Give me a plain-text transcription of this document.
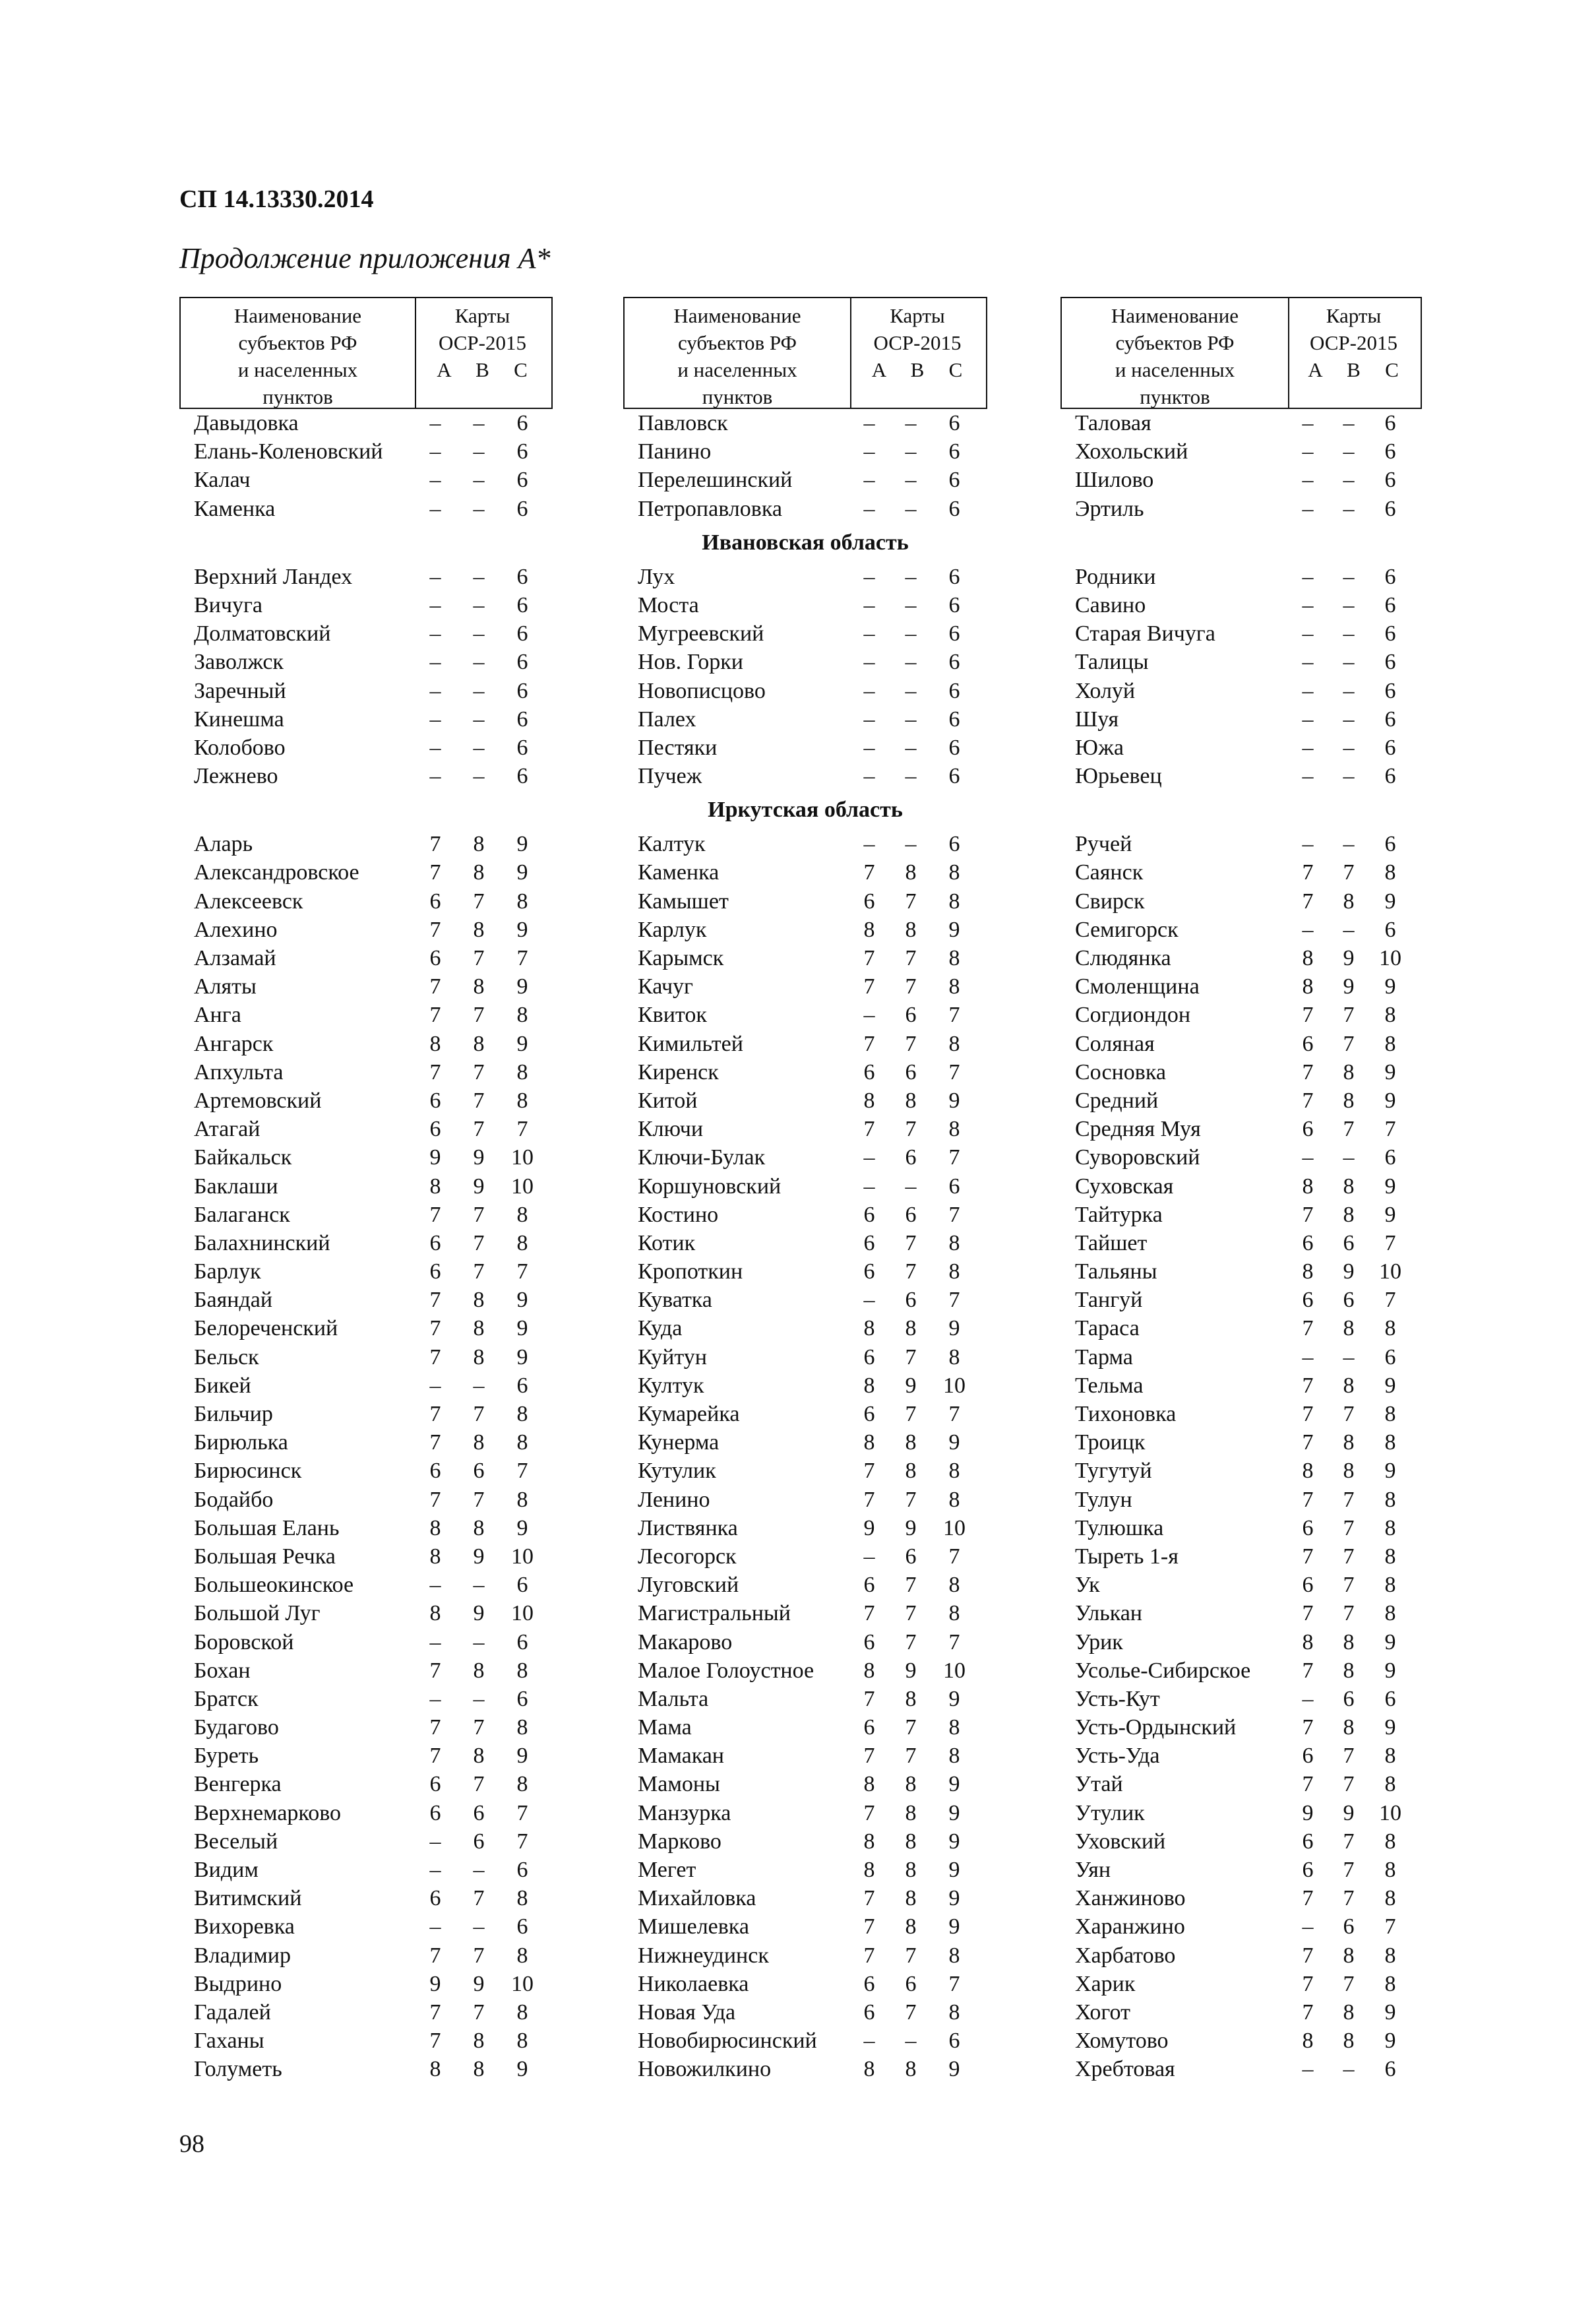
СП 14.13330.2014
Продолжение приложения А*
Наименование
субъектов РФ
и населенных
пунктов
Карты
ОСР-2015
A	B	C
Давыдовка	–	–	6
Елань-Коленовский	–	–	6
Калач	–	–	6
Каменка	–	–	6
Верхний Ландех	–	–	6
Вичуга	–	–	6
Долматовский	–	–	6
Заволжск	–	–	6
Заречный	–	–	6
Кинешма	–	–	6
Колобово	–	–	6
Лежнево	–	–	6
Аларь	7	8	9
Александровское	7	8	9
Алексеевск	6	7	8
Алехино	7	8	9
Алзамай	6	7	7
Аляты	7	8	9
Анга	7	7	8
Ангарск	8	8	9
Апхульта	7	7	8
Артемовский	6	7	8
Атагай	6	7	7
Байкальск	9	9	10
Баклаши	8	9	10
Балаганск	7	7	8
Балахнинский	6	7	8
Барлук	6	7	7
Баяндай	7	8	9
Белореченский	7	8	9
Бельск	7	8	9
Бикей	–	–	6
Бильчир	7	7	8
Бирюлька	7	8	8
Бирюсинск	6	6	7
Бодайбо	7	7	8
Большая Елань	8	8	9
Большая Речка	8	9	10
Большеокинское	–	–	6
Большой Луг	8	9	10
Боровской	–	–	6
Бохан	7	8	8
Братск	–	–	6
Будагово	7	7	8
Буреть	7	8	9
Венгерка	6	7	8
Верхнемарково	6	6	7
Веселый	–	6	7
Видим	–	–	6
Витимский	6	7	8
Вихоревка	–	–	6
Владимир	7	7	8
Выдрино	9	9	10
Гадалей	7	7	8
Гаханы	7	8	8
Голуметь	8	8	9
Наименование
субъектов РФ
и населенных
пунктов
Карты
ОСР-2015
A	B	C
Павловск	–	–	6
Панино	–	–	6
Перелешинский	–	–	6
Петропавловка	–	–	6
Ивановская область
Лух	–	–	6
Моста	–	–	6
Мугреевский	–	–	6
Нов. Горки	–	–	6
Новописцово	–	–	6
Палех	–	–	6
Пестяки	–	–	6
Пучеж	–	–	6
Иркутская область
Калтук	–	–	6
Каменка	7	8	8
Камышет	6	7	8
Карлук	8	8	9
Карымск	7	7	8
Качуг	7	7	8
Квиток	–	6	7
Кимильтей	7	7	8
Киренск	6	6	7
Китой	8	8	9
Ключи	7	7	8
Ключи-Булак	–	6	7
Коршуновский	–	–	6
Костино	6	6	7
Котик	6	7	8
Кропоткин	6	7	8
Куватка	–	6	7
Куда	8	8	9
Куйтун	6	7	8
Култук	8	9	10
Кумарейка	6	7	7
Кунерма	8	8	9
Кутулик	7	8	8
Ленино	7	7	8
Листвянка	9	9	10
Лесогорск	–	6	7
Луговский	6	7	8
Магистральный	7	7	8
Макарово	6	7	7
Малое Голоустное	8	9	10
Мальта	7	8	9
Мама	6	7	8
Мамакан	7	7	8
Мамоны	8	8	9
Манзурка	7	8	9
Марково	8	8	9
Мегет	8	8	9
Михайловка	7	8	9
Мишелевка	7	8	9
Нижнеудинск	7	7	8
Николаевка	6	6	7
Новая Уда	6	7	8
Новобирюсинский	–	–	6
Новожилкино	8	8	9
Наименование
субъектов РФ
и населенных
пунктов
Карты
ОСР-2015
A	B	C
Таловая	–	–	6
Хохольский	–	–	6
Шилово	–	–	6
Эртиль	–	–	6
Родники	–	–	6
Савино	–	–	6
Старая Вичуга	–	–	6
Талицы	–	–	6
Холуй	–	–	6
Шуя	–	–	6
Южа	–	–	6
Юрьевец	–	–	6
Ручей	–	–	6
Саянск	7	7	8
Свирск	7	8	9
Семигорск	–	–	6
Слюдянка	8	9	10
Смоленщина	8	9	9
Согдиондон	7	7	8
Соляная	6	7	8
Сосновка	7	8	9
Средний	7	8	9
Средняя Муя	6	7	7
Суворовский	–	–	6
Суховская	8	8	9
Тайтурка	7	8	9
Тайшет	6	6	7
Тальяны	8	9	10
Тангуй	6	6	7
Тараса	7	8	8
Тарма	–	–	6
Тельма	7	8	9
Тихоновка	7	7	8
Троицк	7	8	8
Тугутуй	8	8	9
Тулун	7	7	8
Тулюшка	6	7	8
Тыреть 1-я	7	7	8
Ук	6	7	8
Улькан	7	7	8
Урик	8	8	9
Усолье-Сибирское	7	8	9
Усть-Кут	–	6	6
Усть-Ордынский	7	8	9
Усть-Уда	6	7	8
Утай	7	7	8
Утулик	9	9	10
Уховский	6	7	8
Уян	6	7	8
Ханжиново	7	7	8
Харанжино	–	6	7
Харбатово	7	8	8
Харик	7	7	8
Хогот	7	8	9
Хомутово	8	8	9
Хребтовая	–	–	6
98
